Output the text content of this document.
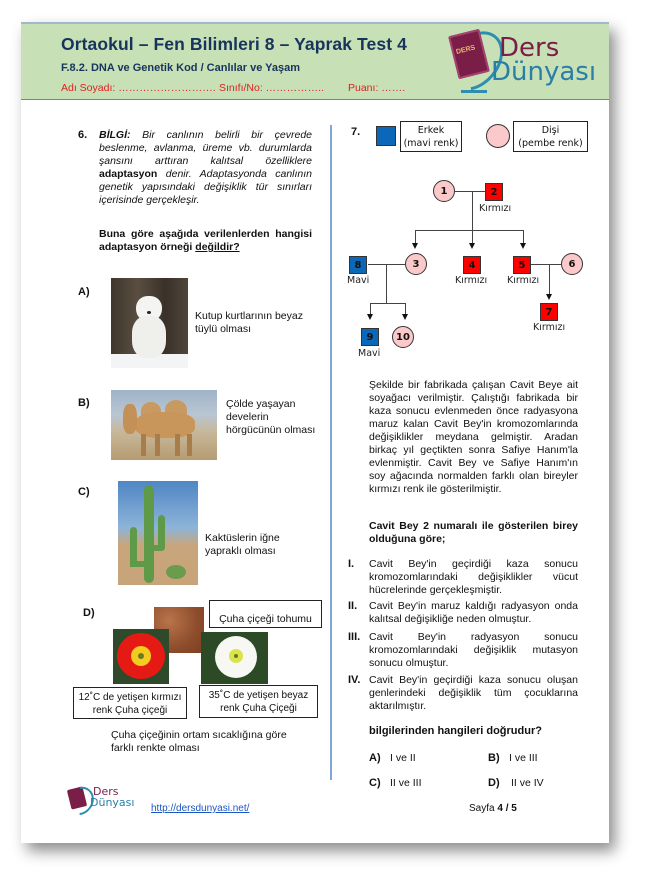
Ortaokul – Fen Bilimleri 8 – Yaprak Test 4
F.8.2. DNA ve Genetik Kod / Canlılar ve Yaşam
Adı Soyadı: ………………………. Sınıfı/No: …………….. Puanı: …….
DERS Ders
Dünyası
6. BİLGİ: Bir canlının belirli bir çevrede beslenme, avlanma, üreme vb. durumlarda şansını arttıran kalıtsal özelliklere adaptasyon denir. Adaptasyonda canlının genetik yapısındaki değişiklik tür sınırları içerisinde gerçekleşir.
Buna göre aşağıda verilenlerden hangisi adaptasyon örneği değildir?
A)
Kutup kurtlarının beyaz tüylü olması
B)	Çölde yaşayan develerin hörgücünün olması
C)
Kaktüslerin iğne yapraklı olması
D)	Çuha çiçeği tohumu
12˚C de yetişen kırmızı renk Çuha çiçeği
35˚C de yetişen beyaz renk Çuha Çiçeği
Çuha çiçeğinin ortam sıcaklığına göre farklı renkte olması
7.	Erkek
(mavi renk)
Dişi
(pembe renk)
1	2
Kırmızı
3	4
Kırmızı
5
Kırmızı
6
7
Kırmızı
8
Mavi
9
Mavi
10
Şekilde bir fabrikada çalışan Cavit Beye ait soyağacı verilmiştir. Çalıştığı fabrikada bir kaza sonucu evlenmeden önce radyasyona maruz kalan Cavit Bey'in kromozomlarında değişiklikler meydana gelmiştir. Aradan birkaç yıl geçtikten sonra Safiye Hanım'la evlenmiştir. Cavit Bey ve Safiye Hanım'ın soy ağacında normalden farklı olan bireyler kırmızı renk ile gösterilmiştir.
Cavit Bey 2 numaralı ile gösterilen birey olduğuna göre;
I. Cavit Bey'in geçirdiği kaza sonucu kromozomlarındaki değişiklikler vücut hücrelerinde gerçekleşmiştir.
II. Cavit Bey'in maruz kaldığı radyasyon onda kalıtsal değişikliğe neden olmuştur.
III. Cavit Bey'in radyasyon sonucu kromozomlarındaki değişiklik mutasyon sonucu olmuştur.
IV. Cavit Bey'in geçirdiği kaza sonucu oluşan genlerindeki değişiklik tüm çocuklarına aktarılmıştır.
bilgilerinden hangileri doğrudur?
A) I ve II	B) I ve III
C) II ve III	D) II ve IV
Ders
Dünyası http://dersdunyasi.net/	Sayfa 4 / 5
